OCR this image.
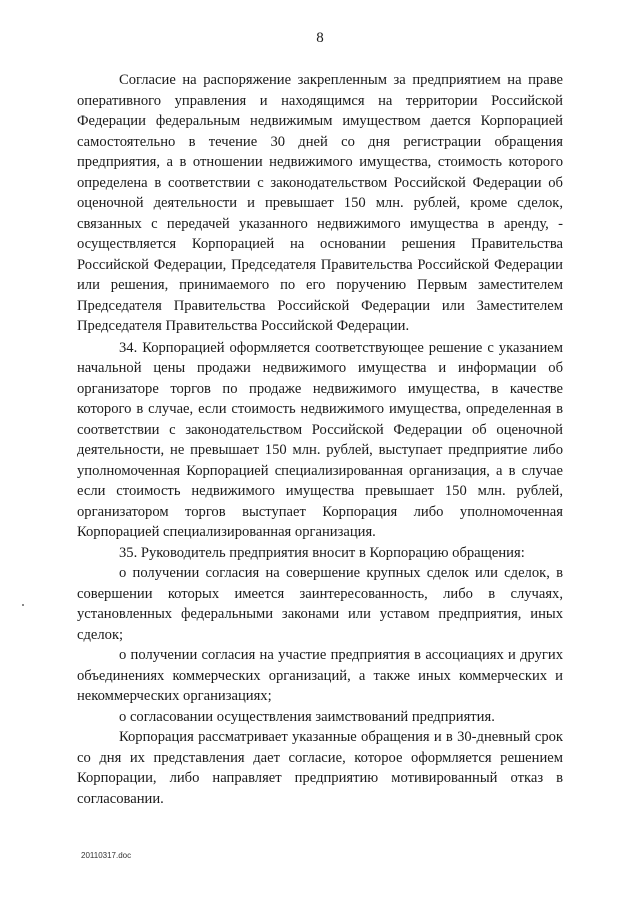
8

Согласие на распоряжение закрепленным за предприятием на праве оперативного управления и находящимся на территории Российской Федерации федеральным недвижимым имуществом дается Корпорацией самостоятельно в течение 30 дней со дня регистрации обращения предприятия, а в отношении недвижимого имущества, стоимость которого определена в соответствии с законодательством Российской Федерации об оценочной деятельности и превышает 150 млн. рублей, кроме сделок, связанных с передачей указанного недвижимого имущества в аренду, - осуществляется Корпорацией на основании решения Правительства Российской Федерации, Председателя Правительства Российской Федерации или решения, принимаемого по его поручению Первым заместителем Председателя Правительства Российской Федерации или Заместителем Председателя Правительства Российской Федерации.

34. Корпорацией оформляется соответствующее решение с указанием начальной цены продажи недвижимого имущества и информации об организаторе торгов по продаже недвижимого имущества, в качестве которого в случае, если стоимость недвижимого имущества, определенная в соответствии с законодательством Российской Федерации об оценочной деятельности, не превышает 150 млн. рублей, выступает предприятие либо уполномоченная Корпорацией специализированная организация, а в случае если стоимость недвижимого имущества превышает 150 млн. рублей, организатором торгов выступает Корпорация либо уполномоченная Корпорацией специализированная организация.

35. Руководитель предприятия вносит в Корпорацию обращения:

о получении согласия на совершение крупных сделок или сделок, в совершении которых имеется заинтересованность, либо в случаях, установленных федеральными законами или уставом предприятия, иных сделок;

о получении согласия на участие предприятия в ассоциациях и других объединениях коммерческих организаций, а также иных коммерческих и некоммерческих организациях;

о согласовании осуществления заимствований предприятия.

Корпорация рассматривает указанные обращения и в 30-дневный срок со дня их представления дает согласие, которое оформляется решением Корпорации, либо направляет предприятию мотивированный отказ в согласовании.

20110317.doc
